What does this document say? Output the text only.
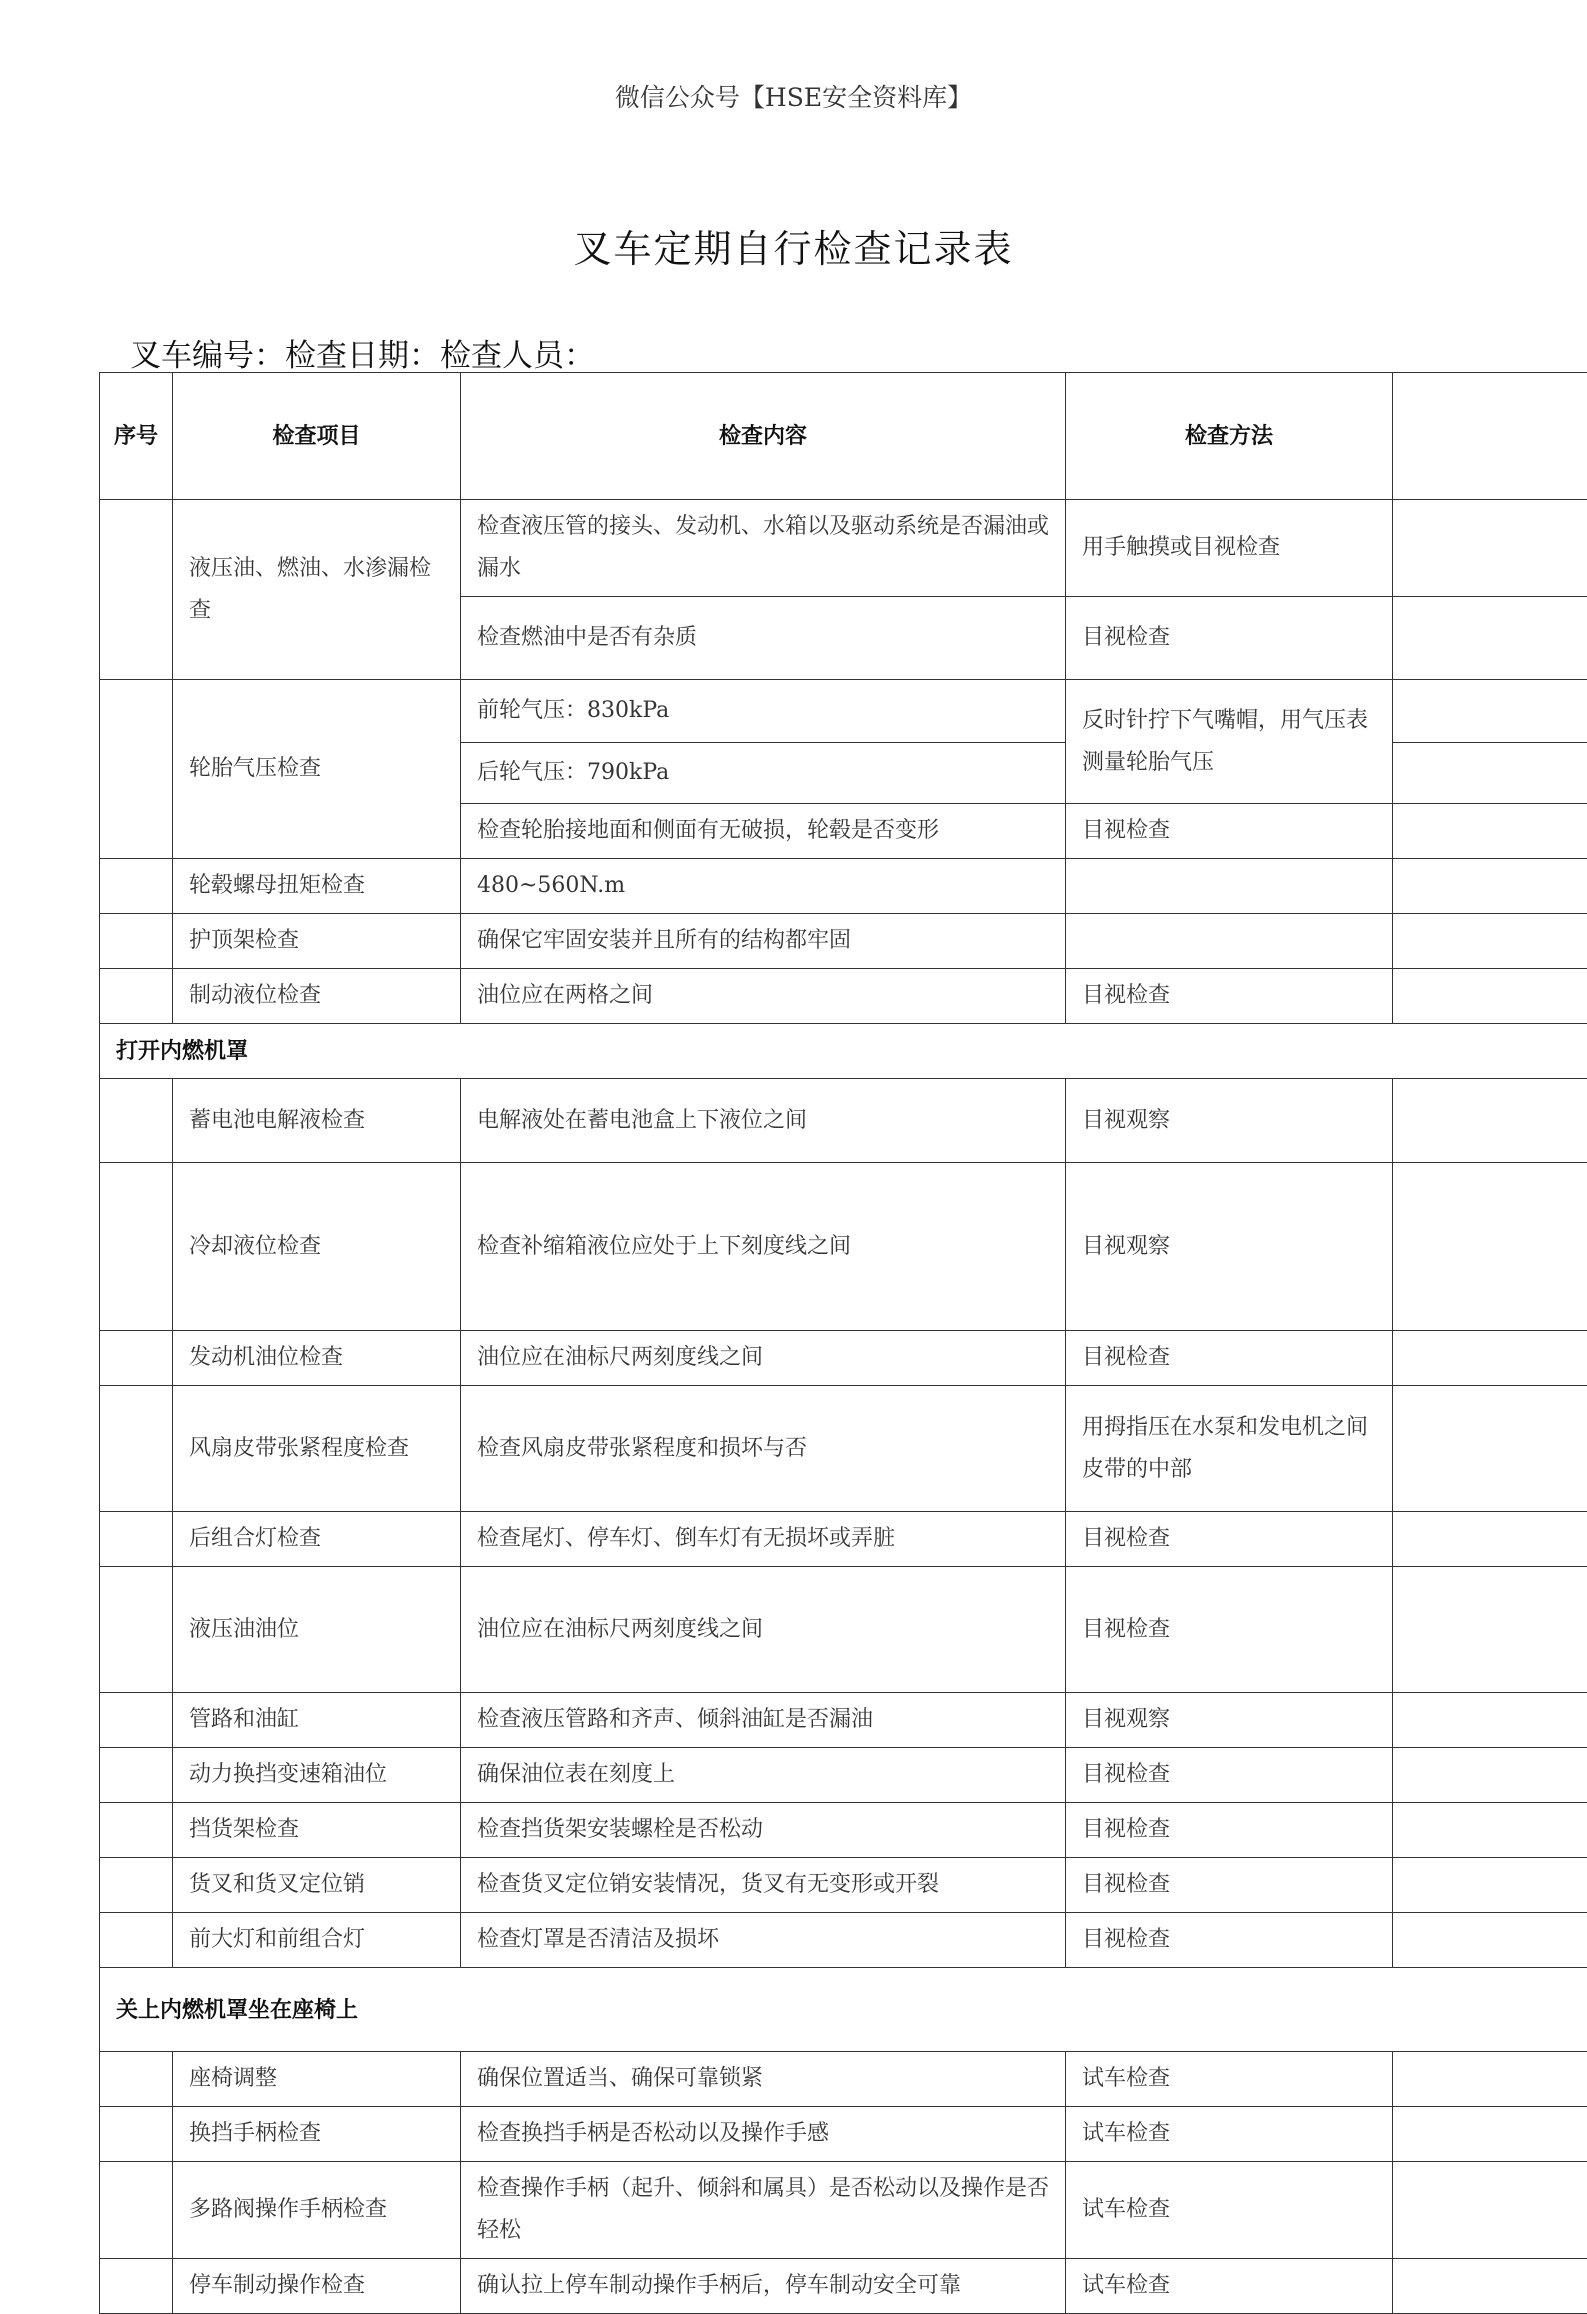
微信公众号【HSE安全资料库】
叉车定期自行检查记录表
叉车编号：检查日期：检查人员：
序号	检查项目	检查内容	检查方法	
	液压油、燃油、水渗漏检查	检查液压管的接头、发动机、水箱以及驱动系统是否漏油或漏水	用手触摸或目视检查	
		检查燃油中是否有杂质	目视检查	
	轮胎气压检查	前轮气压：830kPa	反时针拧下气嘴帽，用气压表测量轮胎气压	
		后轮气压：790kPa		
		检查轮胎接地面和侧面有无破损，轮毂是否变形	目视检查	
	轮毂螺母扭矩检查	480~560N.m		
	护顶架检查	确保它牢固安装并且所有的结构都牢固		
	制动液位检查	油位应在两格之间	目视检查	
打开内燃机罩				
	蓄电池电解液检查	电解液处在蓄电池盒上下液位之间	目视观察	
	冷却液位检查	检查补缩箱液位应处于上下刻度线之间	目视观察	
	发动机油位检查	油位应在油标尺两刻度线之间	目视检查	
	风扇皮带张紧程度检查	检查风扇皮带张紧程度和损坏与否	用拇指压在水泵和发电机之间皮带的中部	
	后组合灯检查	检查尾灯、停车灯、倒车灯有无损坏或弄脏	目视检查	
	液压油油位	油位应在油标尺两刻度线之间	目视检查	
	管路和油缸	检查液压管路和齐声、倾斜油缸是否漏油	目视观察	
	动力换挡变速箱油位	确保油位表在刻度上	目视检查	
	挡货架检查	检查挡货架安装螺栓是否松动	目视检查	
	货叉和货叉定位销	检查货叉定位销安装情况，货叉有无变形或开裂	目视检查	
	前大灯和前组合灯	检查灯罩是否清洁及损坏	目视检查	
关上内燃机罩坐在座椅上				
	座椅调整	确保位置适当、确保可靠锁紧	试车检查	
	换挡手柄检查	检查换挡手柄是否松动以及操作手感	试车检查	
	多路阀操作手柄检查	检查操作手柄（起升、倾斜和属具）是否松动以及操作是否轻松	试车检查	
	停车制动操作检查	确认拉上停车制动操作手柄后，停车制动安全可靠	试车检查	
